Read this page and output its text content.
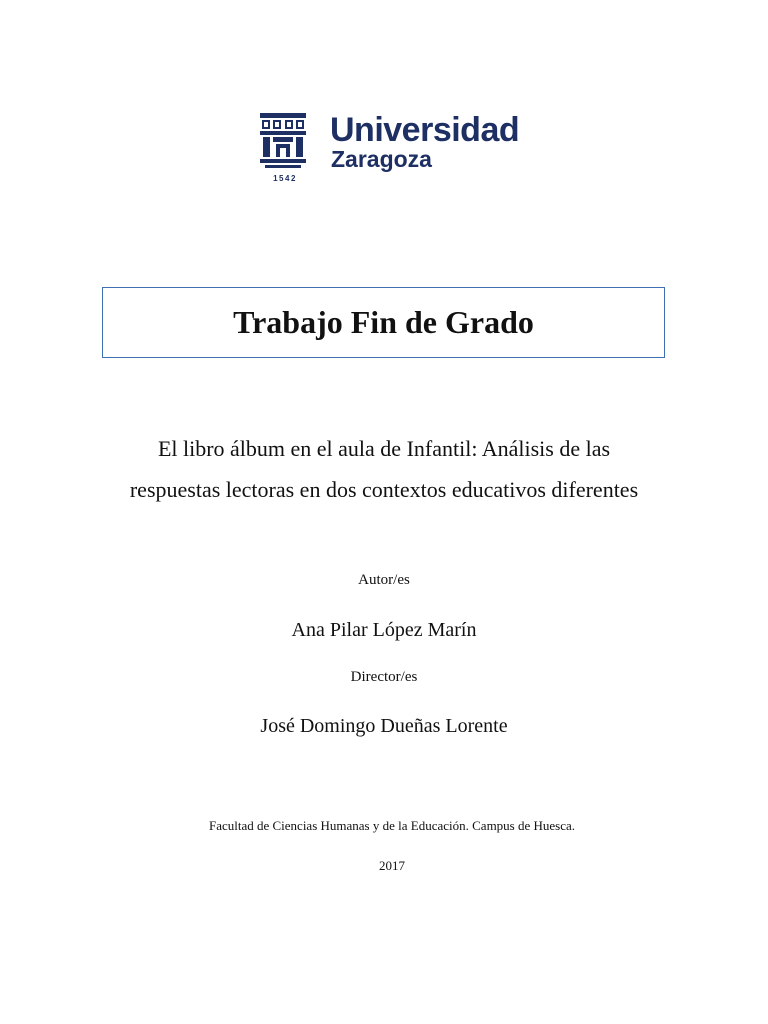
1542
Universidad
Zaragoza
Trabajo Fin de Grado
El libro álbum en el aula de Infantil: Análisis de las respuestas lectoras en dos contextos educativos diferentes
Autor/es
Ana Pilar López Marín
Director/es
José Domingo Dueñas Lorente
Facultad de Ciencias Humanas y de la Educación. Campus de Huesca.
2017
